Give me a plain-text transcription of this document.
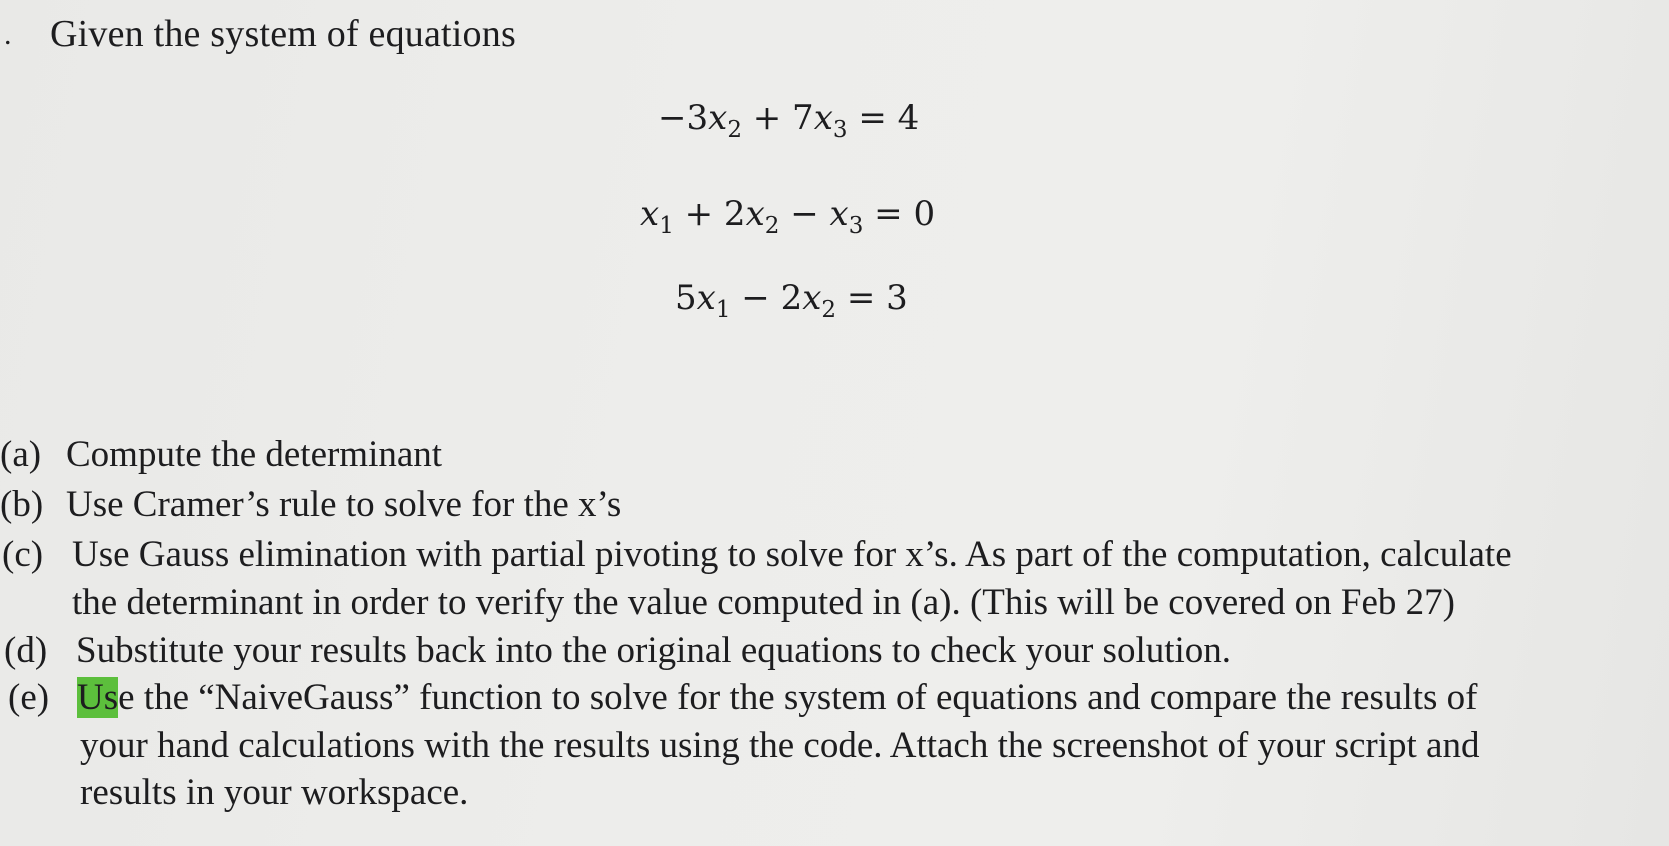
. Given the system of equations
$-3x_2 + 7x_3 = 4$
$x_1 + 2x_2 - x_3 = 0$
$5x_1 - 2x_2 = 3$
(a) Compute the determinant
(b) Use Cramer’s rule to solve for the x’s
(c) Use Gauss elimination with partial pivoting to solve for x’s. As part of the computation, calculate
the determinant in order to verify the value computed in (a). (This will be covered on Feb 27)
(d) Substitute your results back into the original equations to check your solution.
(e) Use the “NaiveGauss” function to solve for the system of equations and compare the results of
your hand calculations with the results using the code. Attach the screenshot of your script and
results in your workspace.
